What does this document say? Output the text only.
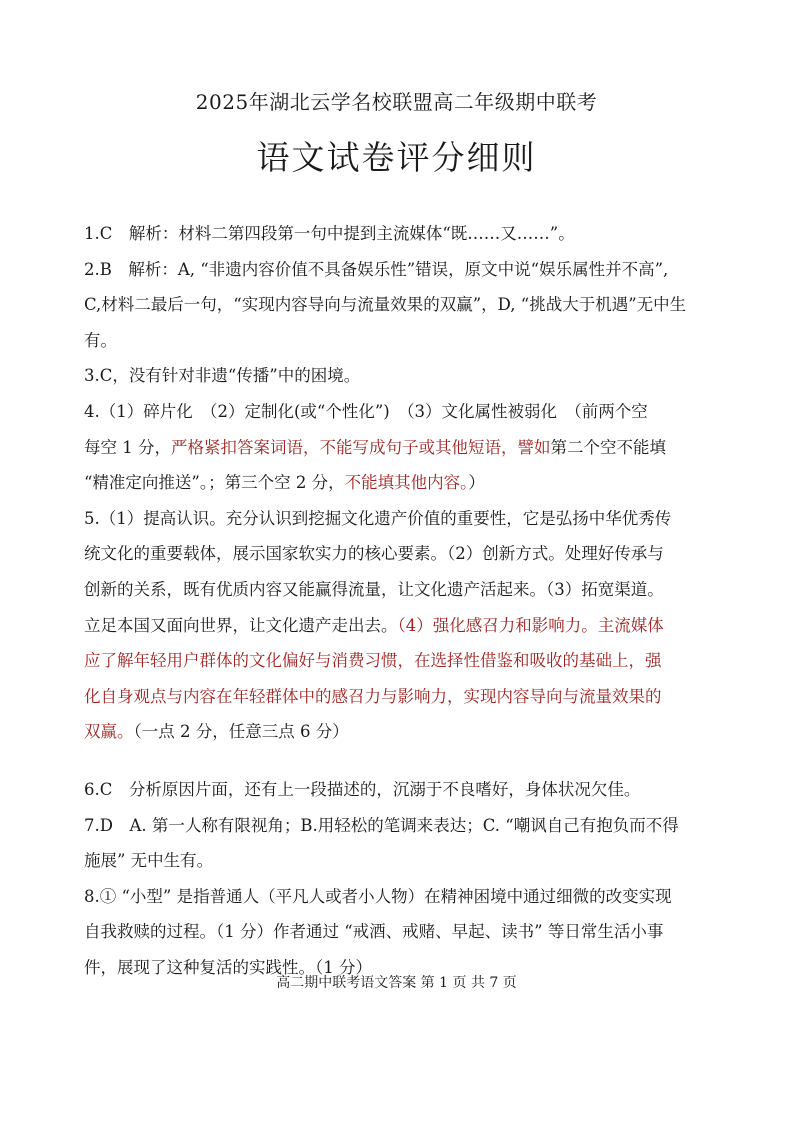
2025年湖北云学名校联盟高二年级期中联考
语文试卷评分细则
1.C　解析：材料二第四段第一句中提到主流媒体“既……又……”。
2.B　解析：A, “非遗内容价值不具备娱乐性”错误，原文中说“娱乐属性并不高”,
C,材料二最后一句，“实现内容导向与流量效果的双赢”，D, “挑战大于机遇”无中生
有。
3.C，没有针对非遗“传播”中的困境。
4.（1）碎片化　（2）定制化(或“个性化”)　（3）文化属性被弱化　（前两个空
每空 1 分，严格紧扣答案词语，不能写成句子或其他短语，譬如第二个空不能填
“精准定向推送”。；第三个空 2 分，不能填其他内容。）
5.（1）提高认识。充分认识到挖掘文化遗产价值的重要性，它是弘扬中华优秀传
统文化的重要载体，展示国家软实力的核心要素。（2）创新方式。处理好传承与
创新的关系，既有优质内容又能赢得流量，让文化遗产活起来。（3）拓宽渠道。
立足本国又面向世界，让文化遗产走出去。（4）强化感召力和影响力。主流媒体
应了解年轻用户群体的文化偏好与消费习惯，在选择性借鉴和吸收的基础上，强
化自身观点与内容在年轻群体中的感召力与影响力，实现内容导向与流量效果的
双赢。（一点 2 分，任意三点 6 分）
6.C　分析原因片面，还有上一段描述的，沉溺于不良嗜好，身体状况欠佳。
7.D　A. 第一人称有限视角；B.用轻松的笔调来表达；C. “嘲讽自己有抱负而不得
施展” 无中生有。
8.① “小型” 是指普通人（平凡人或者小人物）在精神困境中通过细微的改变实现
自我救赎的过程。（1 分）作者通过 “戒酒、戒赌、早起、读书” 等日常生活小事
件，展现了这种复活的实践性。（1 分）
高二期中联考语文答案 第 1 页 共 7 页
